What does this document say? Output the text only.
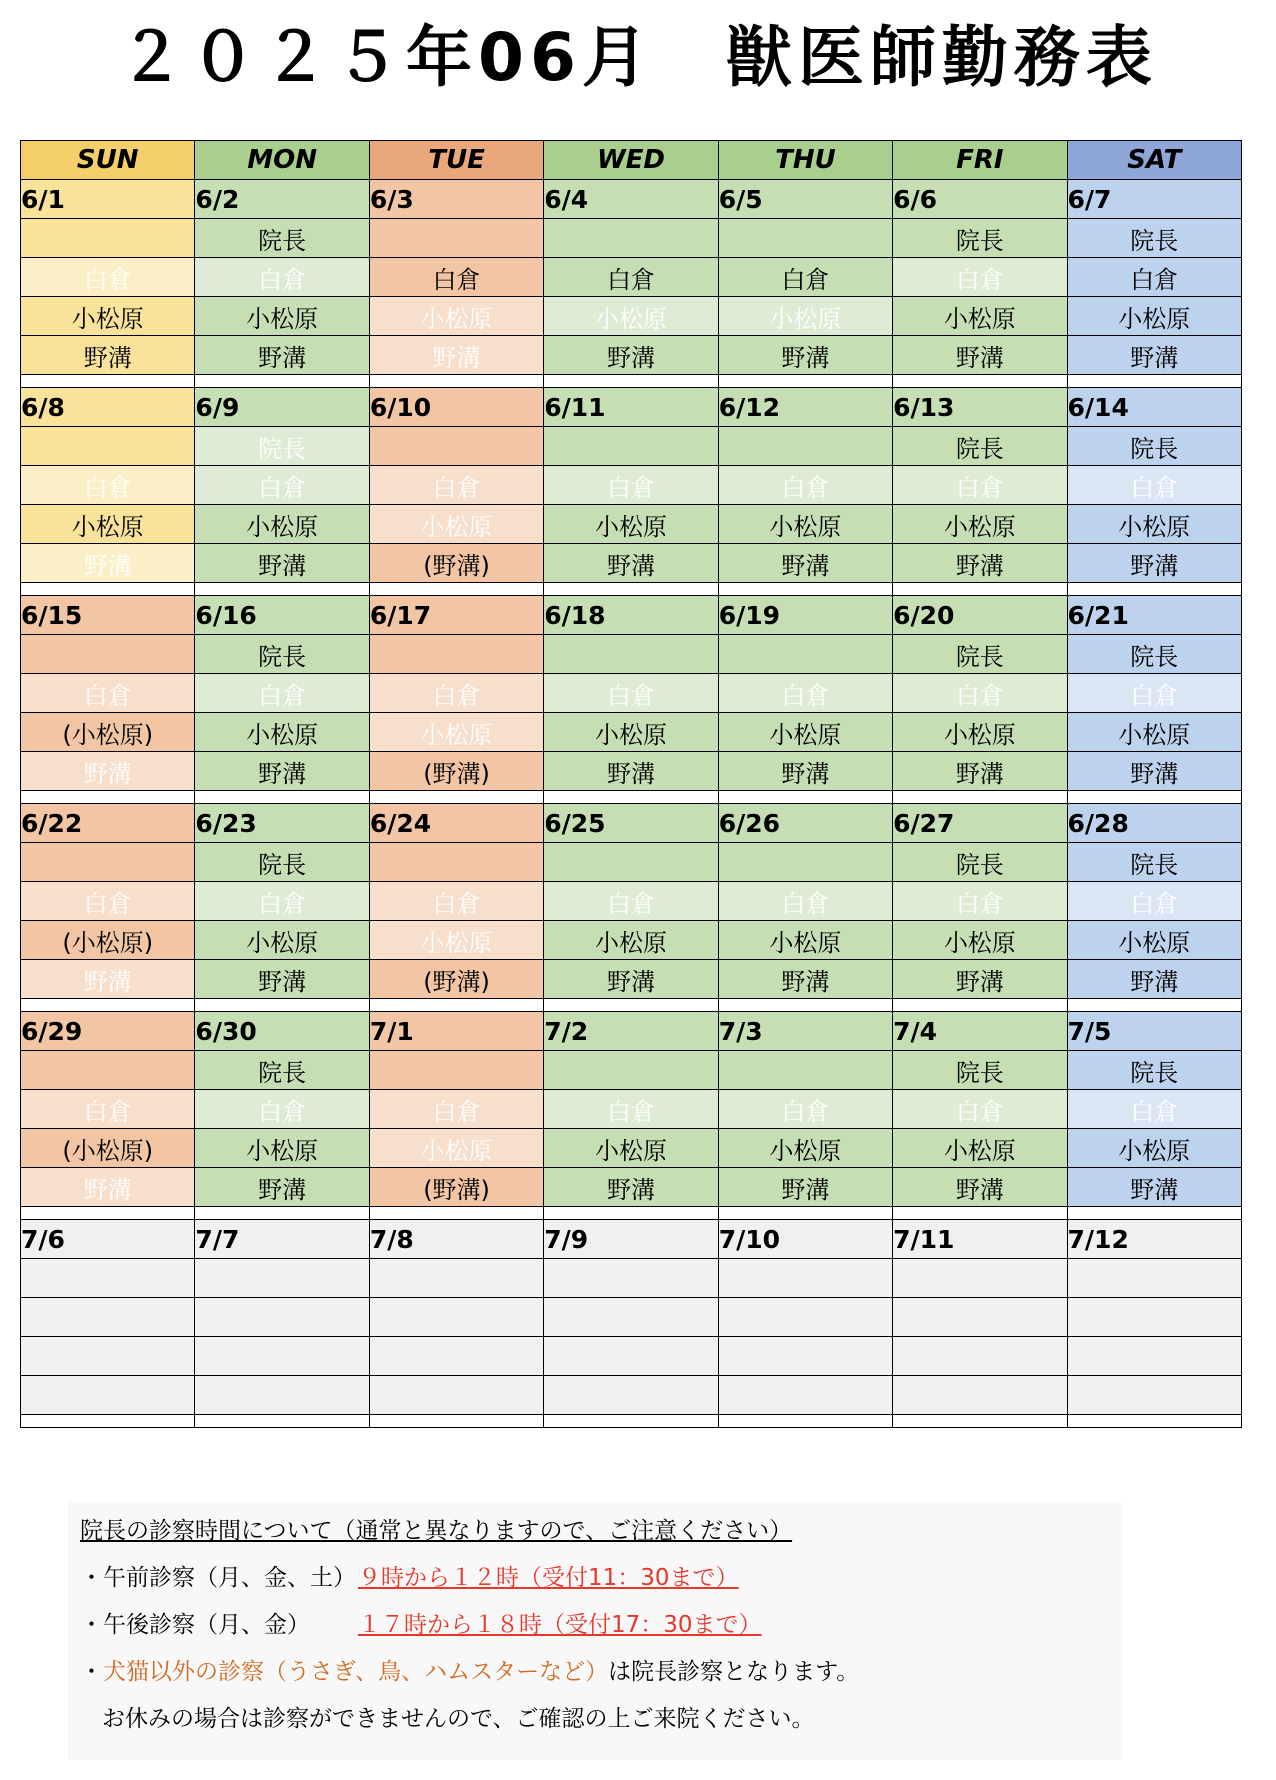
２０２５年06月　獣医師勤務表
SUN	MON	TUE	WED	THU	FRI	SAT
6/1	6/2	6/3	6/4	6/5	6/6	6/7
	院長				院長	院長
白倉	白倉	白倉	白倉	白倉	白倉	白倉
小松原	小松原	小松原	小松原	小松原	小松原	小松原
野溝	野溝	野溝	野溝	野溝	野溝	野溝

6/8	6/9	6/10	6/11	6/12	6/13	6/14
	院長				院長	院長
白倉	白倉	白倉	白倉	白倉	白倉	白倉
小松原	小松原	小松原	小松原	小松原	小松原	小松原
野溝	野溝	(野溝)	野溝	野溝	野溝	野溝

6/15	6/16	6/17	6/18	6/19	6/20	6/21
	院長				院長	院長
白倉	白倉	白倉	白倉	白倉	白倉	白倉
(小松原)	小松原	小松原	小松原	小松原	小松原	小松原
野溝	野溝	(野溝)	野溝	野溝	野溝	野溝

6/22	6/23	6/24	6/25	6/26	6/27	6/28
	院長				院長	院長
白倉	白倉	白倉	白倉	白倉	白倉	白倉
(小松原)	小松原	小松原	小松原	小松原	小松原	小松原
野溝	野溝	(野溝)	野溝	野溝	野溝	野溝

6/29	6/30	7/1	7/2	7/3	7/4	7/5
	院長				院長	院長
白倉	白倉	白倉	白倉	白倉	白倉	白倉
(小松原)	小松原	小松原	小松原	小松原	小松原	小松原
野溝	野溝	(野溝)	野溝	野溝	野溝	野溝

7/6	7/7	7/8	7/9	7/10	7/11	7/12

院長の診察時間について（通常と異なりますので、ご注意ください）
・午前診察（月、金、土） ９時から１２時（受付11：30まで）
・午後診察（月、金） １７時から１８時（受付17：30まで）
・犬猫以外の診察（うさぎ、鳥、ハムスターなど）は院長診察となります。
お休みの場合は診察ができませんので、ご確認の上ご来院ください。
